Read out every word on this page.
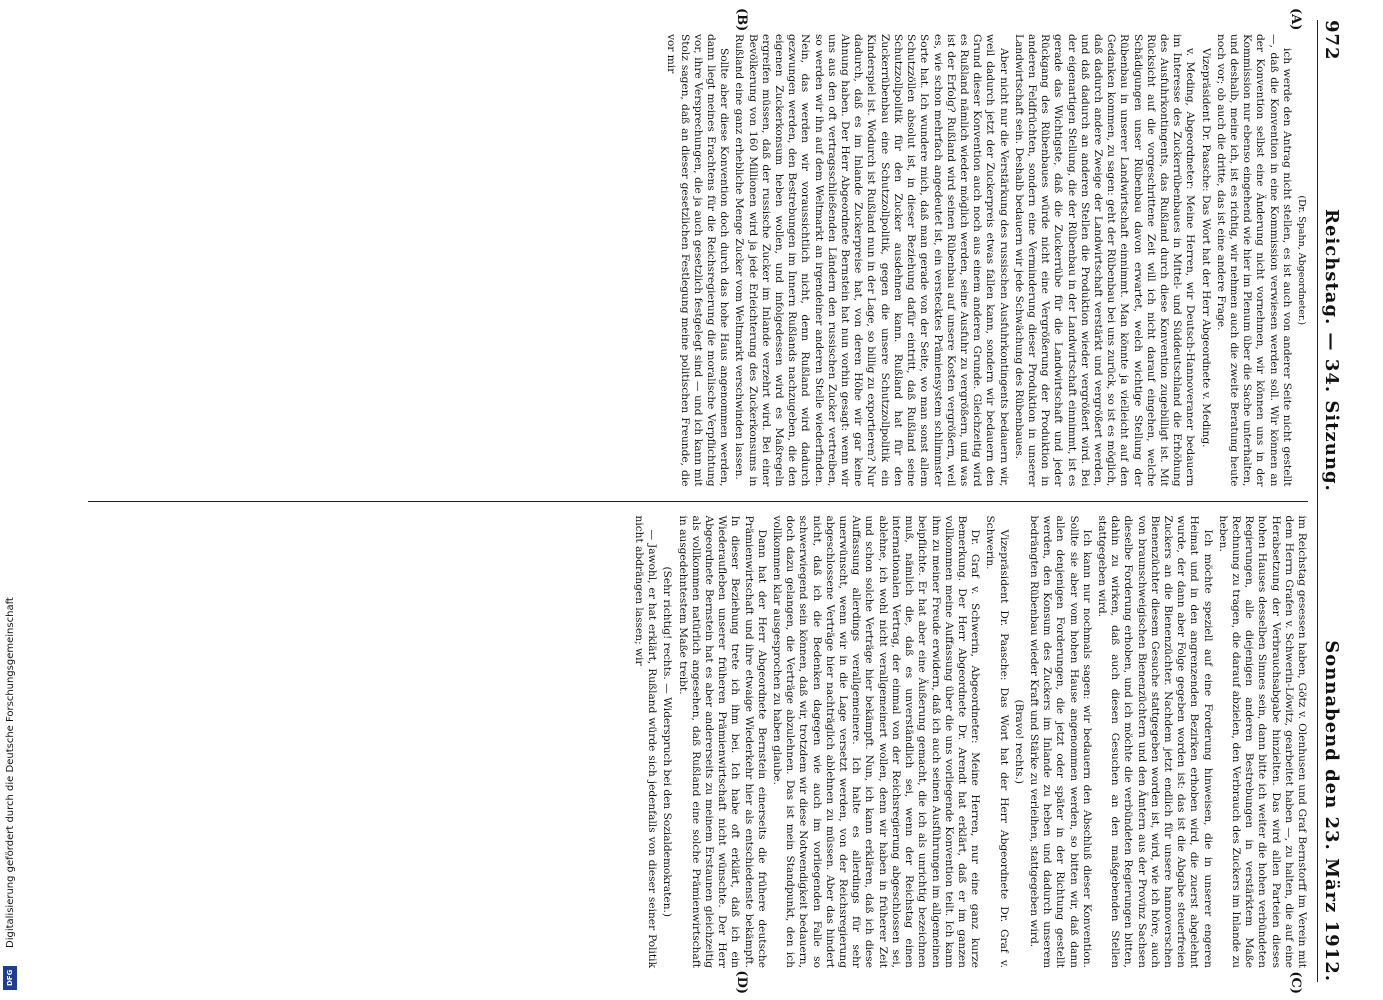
Digitalisierung gefördert durch die Deutsche Forschungsgemeinschaft
DFG
972
Reichstag. — 34. Sitzung.
Sonnabend den 23. März 1912.
(A)
(B)

(Dr. Spahn, Abgeordneter.)

ich werde den Antrag nicht stellen, es ist auch von anderer Seite nicht gestellt —, daß die Konvention in eine Kommission verwiesen werden soll. Wir können an der Konvention selbst eine Änderung nicht vornehmen, wir können uns in der Kommission nur ebenso eingehend wie hier im Plenum über die Sache unterhalten, und deshalb, meine ich, ist es richtig, wir nehmen auch die zweite Beratung heute noch vor; ob auch die dritte, das ist eine andere Frage.

Vizepräsident Dr. Paasche: Das Wort hat der Herr Abgeordnete v. Meding.

v. Meding, Abgeordneter: Meine Herren, wir Deutsch-Hannoveraner bedauern im Interesse des Zuckerrübenbaues in Mittel- und Süddeutschland die Erhöhung des Ausfuhrkontingents, das Rußland durch diese Konvention zugebilligt ist. Mit Rücksicht auf die vorgeschrittene Zeit will ich nicht darauf eingehen, welche Schädigungen unser Rübenbau davon erwartet, welch wichtige Stellung der Rübenbau in unserer Landwirtschaft einnimmt. Man könnte ja vielleicht auf den Gedanken kommen, zu sagen: geht der Rübenbau bei uns zurück, so ist es möglich, daß dadurch andere Zweige der Landwirtschaft verstärkt und vergrößert werden, und daß dadurch an anderen Stellen die Produktion wieder vergrößert wird. Bei der eigenartigen Stellung, die der Rübenbau in der Landwirtschaft einnimmt, ist es gerade das Wichtigste, daß die Zuckerrübe für die Landwirtschaft und jeder Rückgang des Rübenbaues würde nicht eine Vergrößerung der Produktion in anderen Feldfrüchten, sondern eine Verminderung dieser Produktion in unserer Landwirtschaft sein. Deshalb bedauern wir jede Schwächung des Rübenbaues.

Aber nicht nur die Verstärkung des russischen Ausfuhrkontingents bedauern wir, weil dadurch jetzt der Zuckerpreis etwas fallen kann, sondern wir bedauern den Grund dieser Konvention auch noch aus einem anderen Grunde. Gleichzeitig wird es Rußland nämlich wieder möglich werden, seine Ausfuhr zu vergrößern, und was ist der Erfolg? Rußland wird seinen Rübenbau auf unsere Kosten vergrößern, weil es, wie schon mehrfach angedeutet ist, ein verstecktes Prämiensystem schlimmster Sorte hat. Ich wundere mich, daß man gerade von der Seite, wo man sonst allem Schutzzöllen absolut ist, in dieser Beziehung dafür eintritt, daß Rußland seine Schutzzollpolitik für den Zucker ausdehnen kann. Rußland hat für den Zuckerrübenbau eine Schutzzollpolitik, gegen die unsere Schutzzollpolitik ein Kinderspiel ist. Wodurch ist Rußland nun in der Lage, so billig zu exportieren? Nur dadurch, daß es im Inlande Zuckerpreise hat, von deren Höhe wir gar keine Ahnung haben. Der Herr Abgeordnete Bernstein hat nun vorhin gesagt: wenn wir uns aus den oft vertragsschließenden Ländern den russischen Zucker vertreiben, so werden wir ihn auf dem Weltmarkt an irgendeiner anderen Stelle wiederfinden. Nein, das werden wir voraussichtlich nicht, denn Rußland wird dadurch gezwungen werden, den Bestrebungen im Innern Rußlands nachzugeben, die den eigenen Zuckerkonsum heben wollen, und infolgedessen wird es Maßregeln ergreifen müssen, daß der russische Zucker im Inlande verzehrt wird. Bei einer Bevölkerung von 160 Millionen wird ja jede Erleichterung des Zuckerkonsums in Rußland eine ganz erhebliche Menge Zucker vom Weltmarkt verschwinden lassen.

Sollte aber diese Konvention doch durch das hohe Haus angenommen werden, dann liegt meines Erachtens für die Reichsregierung die moralische Verpflichtung vor, ihre Versprechungen, die ja auch gesetzlich festgelegt sind — und ich kann mit Stolz sagen, daß an dieser gesetzlichen Festlegung meine politischen Freunde, die vor mir

(C)
(D)

im Reichstag gesessen haben, Götz v. Olenhusen und Graf Bernstorff im Verein mit dem Herrn Grafen v. Schwerin-Löwitz, gearbeitet haben —, zu halten, die auf eine Herabsetzung der Verbrauchsabgabe hinzielten. Das wird allen Parteien dieses hohen Hauses desselben Sinnes sein, dann bitte ich weiter die hohen verbündeten Regierungen, alle diejenigen anderen Bestrebungen in verstärktem Maße Rechnung zu tragen, die darauf abzielen, den Verbrauch des Zuckers im Inlande zu heben.

Ich möchte speziell auf eine Forderung hinweisen, die in unserer engeren Heimat und in den angrenzenden Bezirken erhoben wird, die zuerst abgelehnt wurde, der dann aber Folge gegeben worden ist: das ist die Abgabe steuerfreien Zuckers an die Bienenzüchter. Nachdem jetzt endlich für unsere hannoverschen Bienenzüchter diesem Gesuche stattgegeben worden ist, wird, wie ich höre, auch von braunschweigischen Bienenzüchtern und den Ämtern aus der Provinz Sachsen dieselbe Forderung erhoben, und ich möchte die verbündeten Regierungen bitten, dahin zu wirken, daß auch diesen Gesuchen an den maßgebenden Stellen stattgegeben wird.

Ich kann nur nochmals sagen: wir bedauern den Abschluß dieser Konvention. Sollte sie aber vom hohen Hause angenommen werden, so bitten wir, daß dann allen denjenigen Forderungen, die jetzt oder später in der Richtung gestellt werden, den Konsum des Zuckers im Inlande zu heben und dadurch unserem bedrängten Rübenbau wieder Kraft und Stärke zu verleihen, stattgegeben wird.

(Bravo! rechts.)

Vizepräsident Dr. Paasche: Das Wort hat der Herr Abgeordnete Dr. Graf v. Schwerin.

Dr. Graf v. Schwerin, Abgeordneter: Meine Herren, nur eine ganz kurze Bemerkung. Der Herr Abgeordnete Dr. Arendt hat erklärt, daß er im ganzen vollkommen meine Auffassung über die uns vorliegende Konvention teilt. Ich kann ihm zu meiner Freude erwidern, daß ich auch seinen Ausführungen im allgemeinen beipflichte. Er hat aber eine Äußerung gemacht, die ich als unrichtig bezeichnen muß, nämlich die, daß es unverständlich sei, wenn der Reichstag einen internationalen Vertrag, der einmal von der Reichsregierung abgeschlossen sei, ablehne, ich wohl nicht verallgemeinert wollen, denn wir haben in früherer Zeit und schon solche Verträge hier bekämpft. Nun, ich kann erklären, daß ich diese Auffassung allerdings verallgemeinere. Ich halte es allerdings für sehr unerwünscht, wenn wir in die Lage versetzt werden, von der Reichsregierung abgeschlossene Verträge hier nachträglich ablehnen zu müssen. Aber das hindert nicht, daß ich die Bedenken dagegen wie auch im vorliegenden Falle so schwerwiegend sein können, daß wir, trotzdem wir diese Notwendigkeit bedauern, doch dazu gelangen, die Verträge abzulehnen. Das ist mein Standpunkt, den ich vollkommen klar ausgesprochen zu haben glaube.

Dann hat der Herr Abgeordnete Bernstein einerseits die frühere deutsche Prämienwirtschaft und ihre etwaige Wiederkehr hier als entschiedenste bekämpft. In dieser Beziehung trete ich ihm bei. Ich habe oft erklärt, daß ich ein Wiederaufleben unserer früheren Prämienwirtschaft nicht wünschte. Der Herr Abgeordnete Bernstein hat es aber andererseits zu meinem Erstaunen gleichzeitig als vollkommen natürlich angesehen, daß Rußland eine solche Prämienwirtschaft in ausgedehntestem Maße treibt.

(Sehr richtig! rechts. — Widerspruch bei den Sozialdemokraten.)

— Jawohl, er hat erklärt, Rußland würde sich jedenfalls von dieser seiner Politik nicht abdrängen lassen; wir
